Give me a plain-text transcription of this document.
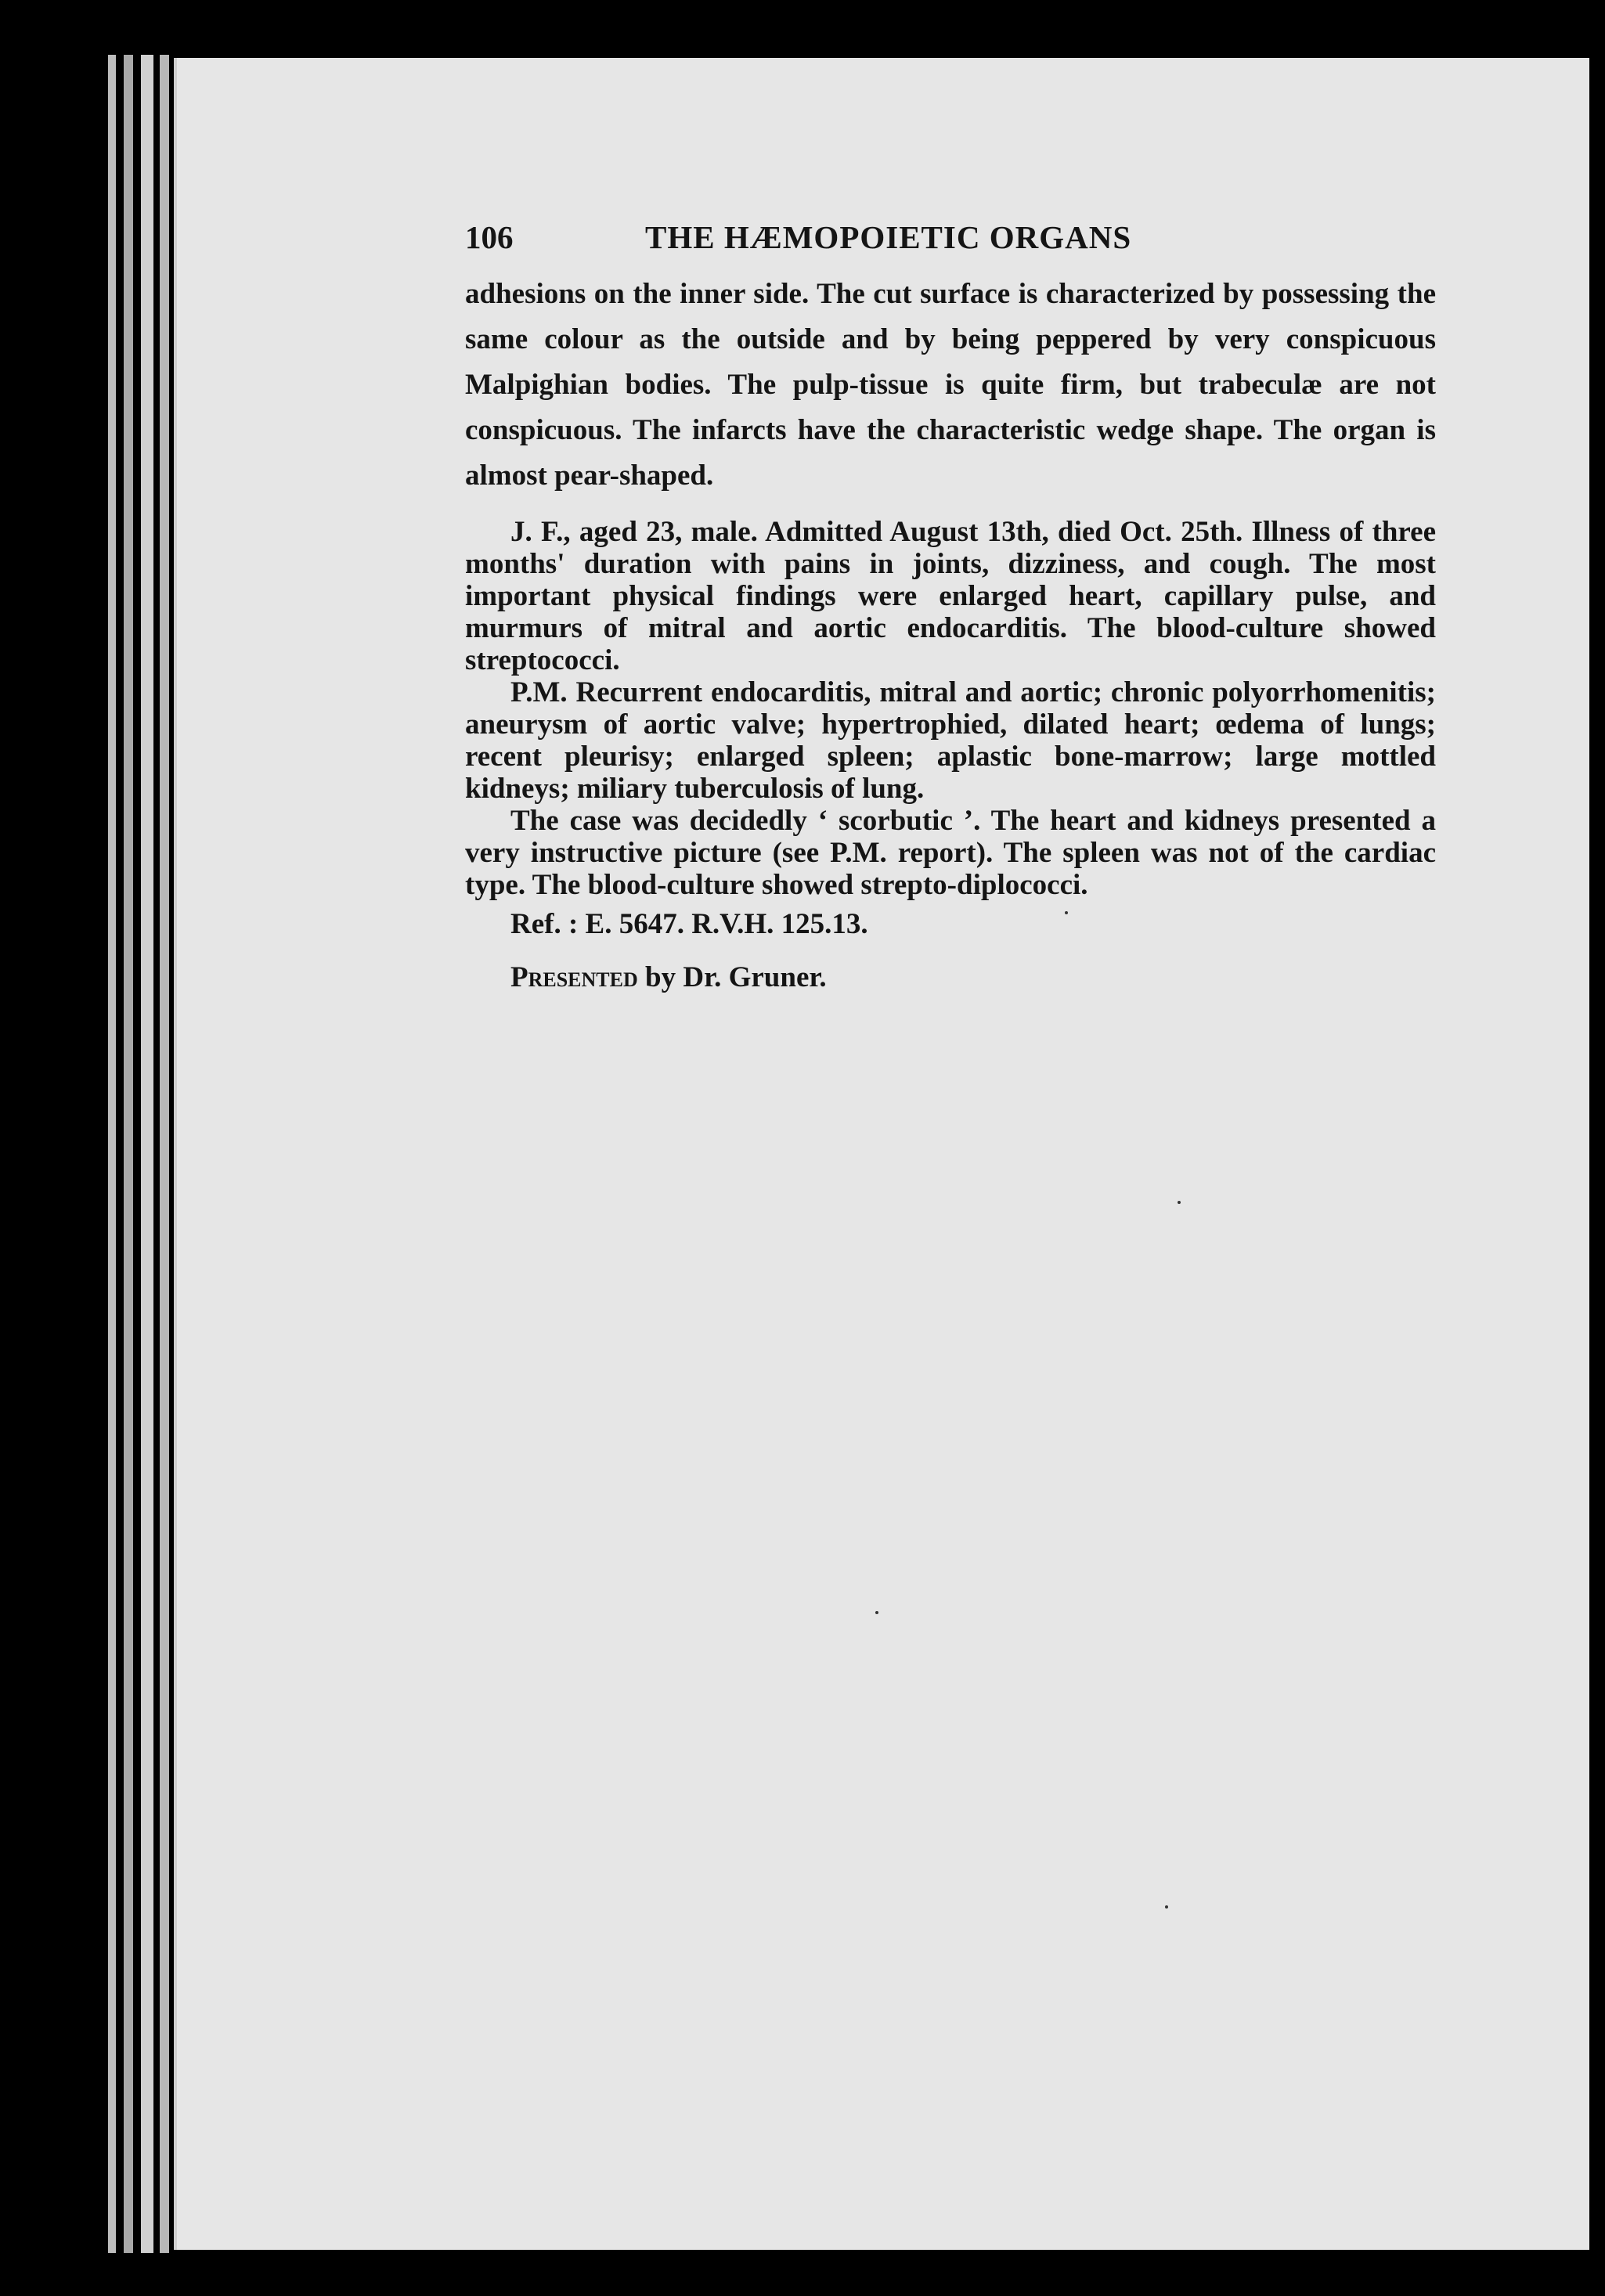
106	THE HÆMOPOIETIC ORGANS

adhesions on the inner side. The cut surface is characterized by possessing the same colour as the outside and by being peppered by very conspicuous Malpighian bodies. The pulp-tissue is quite firm, but trabeculæ are not conspicuous. The infarcts have the characteristic wedge shape. The organ is almost pear-shaped.

J. F., aged 23, male. Admitted August 13th, died Oct. 25th. Illness of three months' duration with pains in joints, dizziness, and cough. The most important physical findings were enlarged heart, capillary pulse, and murmurs of mitral and aortic endocarditis. The blood-culture showed streptococci.

P.M. Recurrent endocarditis, mitral and aortic; chronic polyorrhomenitis; aneurysm of aortic valve; hypertrophied, dilated heart; œdema of lungs; recent pleurisy; enlarged spleen; aplastic bone-marrow; large mottled kidneys; miliary tuberculosis of lung.

The case was decidedly ‘ scorbutic ’. The heart and kidneys presented a very instructive picture (see P.M. report). The spleen was not of the cardiac type. The blood-culture showed strepto-diplococci.

Ref. : E. 5647. R.V.H. 125.13.

Presented by Dr. Gruner.
